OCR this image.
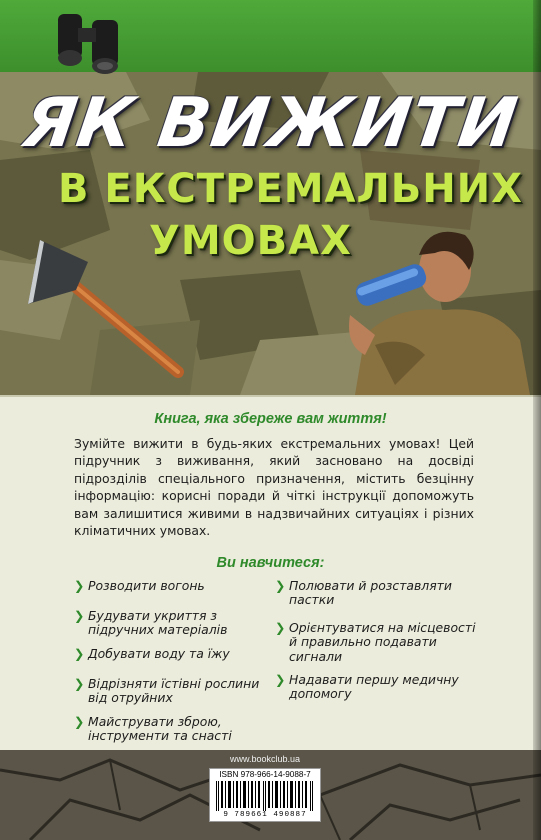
ЯК ВИЖИТИ
В ЕКСТРЕМАЛЬНИХ
УМОВАХ

Книга, яка збереже вам життя!

Зумійте вижити в будь-яких екстремальних умовах! Цей підручник з виживання, який засновано на досвіді підрозділів спеціального призначення, містить безцінну інформацію: корисні поради й чіткі інструкції допоможуть вам залишитися живими в надзвичайних ситуаціях і різних кліматичних умовах.

Ви навчитеся:

❯ Розводити вогонь
❯ Будувати укриття з підручних матеріалів
❯ Добувати воду та їжу
❯ Відрізняти їстівні рослини від отруйних
❯ Майструвати зброю, інструменти та снасті
❯ Полювати й розставляти пастки
❯ Орієнтуватися на місцевості й правильно подавати сигнали
❯ Надавати першу медичну допомогу
www.bookclub.ua

ISBN 978-966-14-9088-7

9 789661 490887
